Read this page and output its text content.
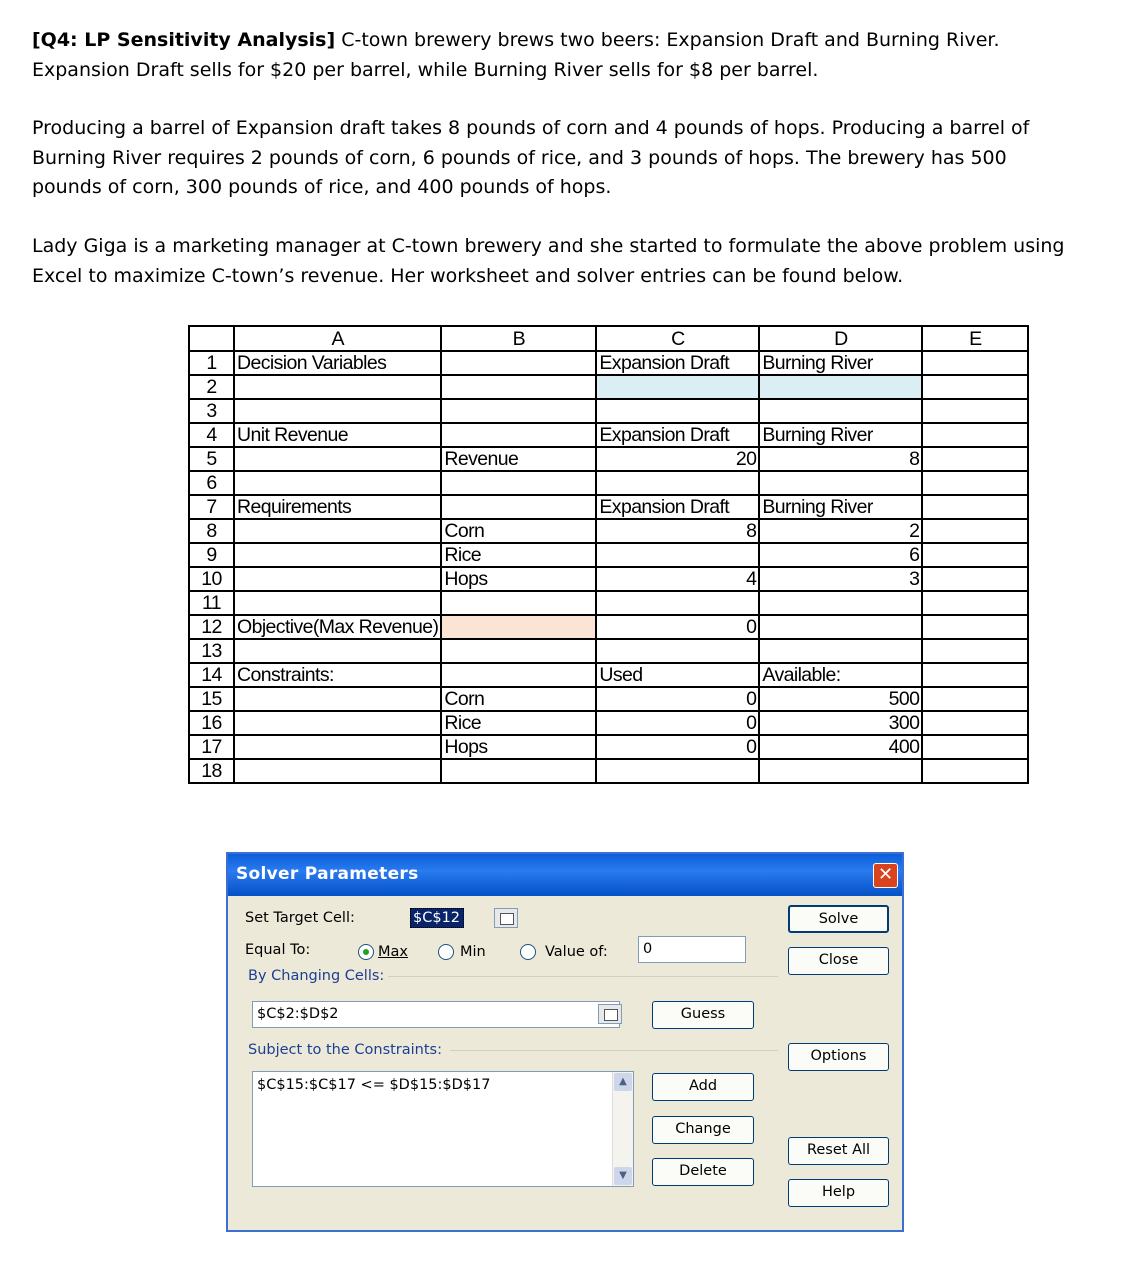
[Q4: LP Sensitivity Analysis] C-town brewery brews two beers: Expansion Draft and Burning River. Expansion Draft sells for $20 per barrel, while Burning River sells for $8 per barrel.

Producing a barrel of Expansion draft takes 8 pounds of corn and 4 pounds of hops. Producing a barrel of Burning River requires 2 pounds of corn, 6 pounds of rice, and 3 pounds of hops. The brewery has 500 pounds of corn, 300 pounds of rice, and 400 pounds of hops.

Lady Giga is a marketing manager at C-town brewery and she started to formulate the above problem using Excel to maximize C-town’s revenue. Her worksheet and solver entries can be found below.

	A	B	C	D	E
1	Decision Variables		Expansion Draft	Burning River	
2					
3					
4	Unit Revenue		Expansion Draft	Burning River	
5		Revenue	20	8	
6					
7	Requirements		Expansion Draft	Burning River	
8		Corn	8	2	
9		Rice		6	
10		Hops	4	3	
11					
12	Objective(Max Revenue)		0		
13					
14	Constraints:		Used	Available:	
15		Corn	0	500	
16		Rice	0	300	
17		Hops	0	400	
18					
Solver Parameters	✕
Set Target Cell:	$C$12
Equal To:	Max	Min	Value of:	0
By Changing Cells:
$C$2:$D$2
Subject to the Constraints:
$C$15:$C$17 <= $D$15:$D$17	▲
▼
Solve
Close
Guess
Options
Add
Change
Reset All
Delete
Help
